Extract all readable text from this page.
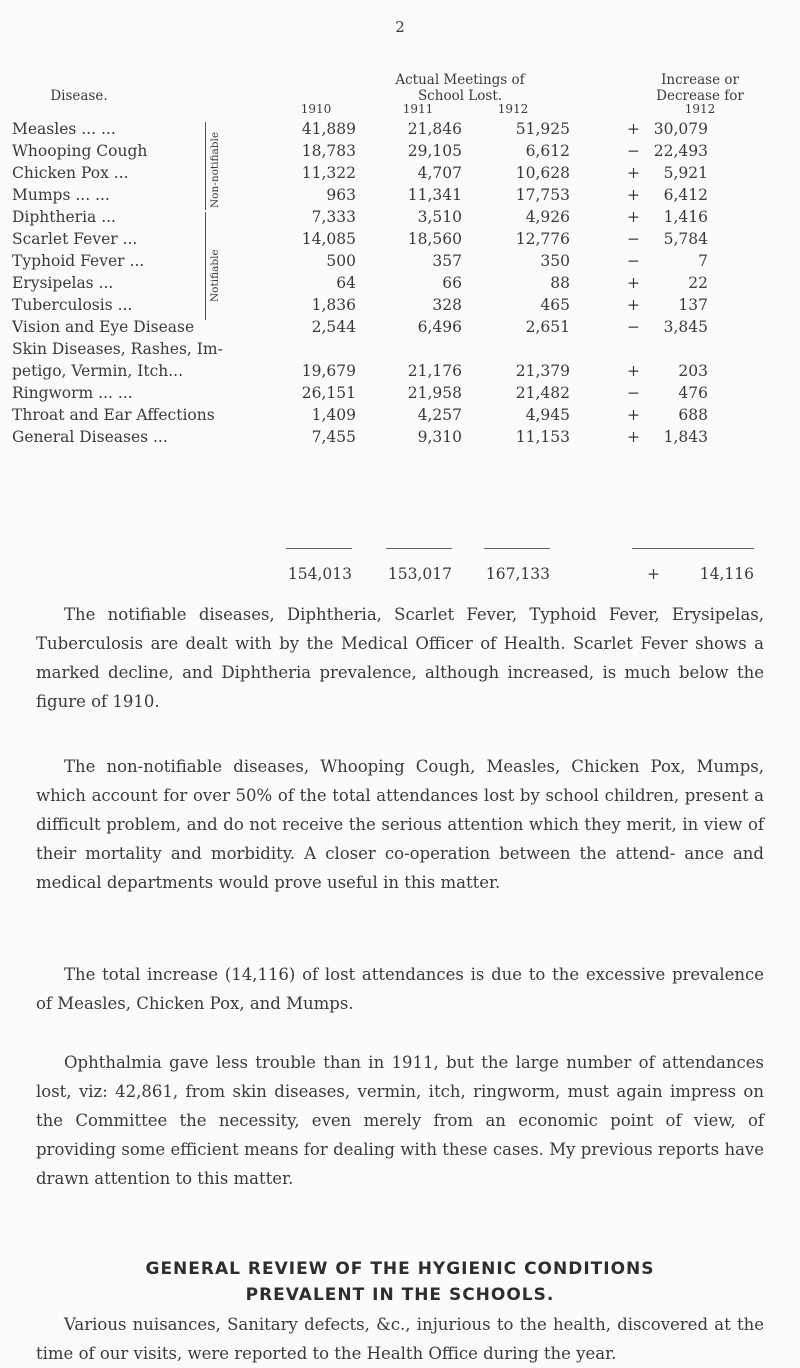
2
Disease.
Actual Meetings of
School Lost.
Increase or
Decrease for
1910	1911	1912	1912
Non-notifiable
Notifiable
Measles ... ...	41,889	21,846	51,925	+	30,079
Whooping Cough	18,783	29,105	6,612	−	22,493
Chicken Pox ...	11,322	4,707	10,628	+	5,921
Mumps ... ...	963	11,341	17,753	+	6,412
Diphtheria ...	7,333	3,510	4,926	+	1,416
Scarlet Fever ...	14,085	18,560	12,776	−	5,784
Typhoid Fever ...	500	357	350	−	7
Erysipelas ...	64	66	88	+	22
Tuberculosis ...	1,836	328	465	+	137
Vision and Eye Disease	2,544	6,496	2,651	−	3,845
Skin Diseases, Rashes, Im-					
petigo, Vermin, Itch...	19,679	21,176	21,379	+	203
Ringworm ... ...	26,151	21,958	21,482	−	476
Throat and Ear Affections	1,409	4,257	4,945	+	688
General Diseases ...	7,455	9,310	11,153	+	1,843
154,013	153,017	167,133	+	14,116

The notifiable diseases, Diphtheria, Scarlet Fever, Typhoid Fever, Erysipelas, Tuberculosis are dealt with by the Medical Officer of Health. Scarlet Fever shows a marked decline, and Diphtheria prevalence, although increased, is much below the figure of 1910.

The non-notifiable diseases, Whooping Cough, Measles, Chicken Pox, Mumps, which account for over 50% of the total attendances lost by school children, present a difficult problem, and do not receive the serious attention which they merit, in view of their mortality and morbidity. A closer co-operation between the attend- ance and medical departments would prove useful in this matter.

The total increase (14,116) of lost attendances is due to the excessive prevalence of Measles, Chicken Pox, and Mumps.

Ophthalmia gave less trouble than in 1911, but the large number of attendances lost, viz: 42,861, from skin diseases, vermin, itch, ringworm, must again impress on the Committee the necessity, even merely from an economic point of view, of providing some efficient means for dealing with these cases. My previous reports have drawn attention to this matter.

GENERAL REVIEW OF THE HYGIENIC CONDITIONS
PREVALENT IN THE SCHOOLS.

Various nuisances, Sanitary defects, &c., injurious to the health, discovered at the time of our visits, were reported to the Health Office during the year.
